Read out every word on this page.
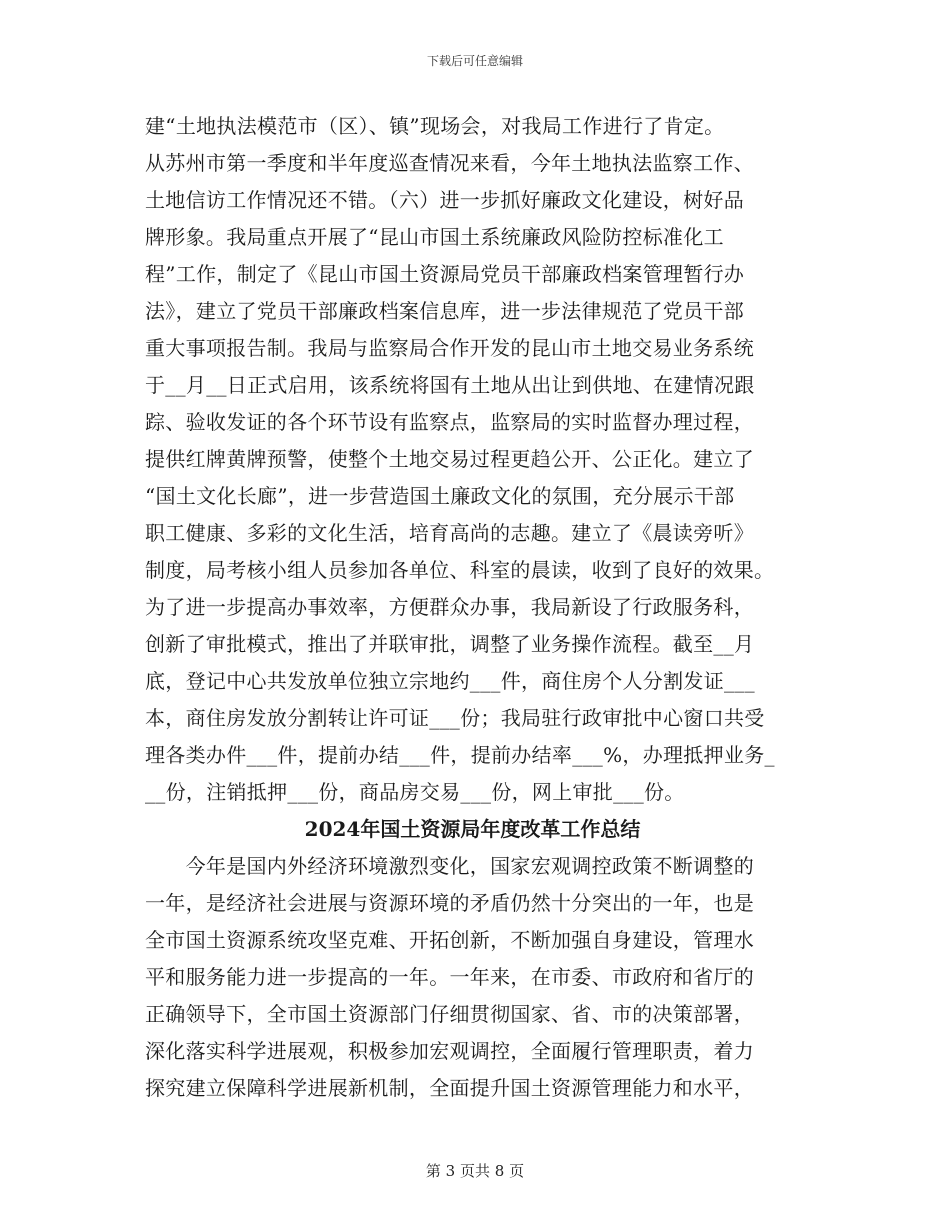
下载后可任意编辑
建“土地执法模范市（区）、镇”现场会，对我局工作进行了肯定。
从苏州市第一季度和半年度巡查情况来看，今年土地执法监察工作、
土地信访工作情况还不错。（六）进一步抓好廉政文化建设，树好品
牌形象。我局重点开展了“昆山市国土系统廉政风险防控标准化工
程”工作，制定了《昆山市国土资源局党员干部廉政档案管理暂行办
法》，建立了党员干部廉政档案信息库，进一步法律规范了党员干部
重大事项报告制。我局与监察局合作开发的昆山市土地交易业务系统
于__月__日正式启用，该系统将国有土地从出让到供地、在建情况跟
踪、验收发证的各个环节设有监察点，监察局的实时监督办理过程，
提供红牌黄牌预警，使整个土地交易过程更趋公开、公正化。建立了
“国土文化长廊”，进一步营造国土廉政文化的氛围，充分展示干部
职工健康、多彩的文化生活，培育高尚的志趣。建立了《晨读旁听》
制度，局考核小组人员参加各单位、科室的晨读，收到了良好的效果。
为了进一步提高办事效率，方便群众办事，我局新设了行政服务科，
创新了审批模式，推出了并联审批，调整了业务操作流程。截至__月
底，登记中心共发放单位独立宗地约___件，商住房个人分割发证___
本，商住房发放分割转让许可证___份；我局驻行政审批中心窗口共受
理各类办件___件，提前办结___件，提前办结率___%，办理抵押业务_
__份，注销抵押___份，商品房交易___份，网上审批___份。
2024年国土资源局年度改革工作总结
　　今年是国内外经济环境激烈变化，国家宏观调控政策不断调整的
一年，是经济社会进展与资源环境的矛盾仍然十分突出的一年，也是
全市国土资源系统攻坚克难、开拓创新，不断加强自身建设，管理水
平和服务能力进一步提高的一年。一年来，在市委、市政府和省厅的
正确领导下，全市国土资源部门仔细贯彻国家、省、市的决策部署，
深化落实科学进展观，积极参加宏观调控，全面履行管理职责，着力
探究建立保障科学进展新机制，全面提升国土资源管理能力和水平，
第 3 页共 8 页
